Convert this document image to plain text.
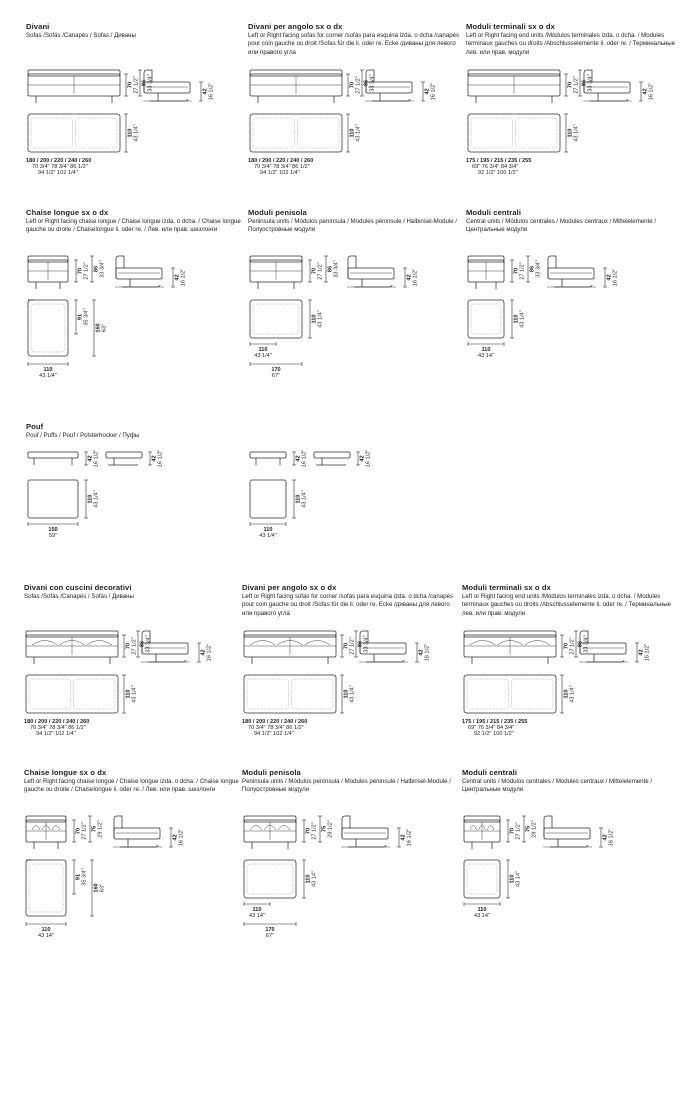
Divani
Sofas /Sofás /Canapés / Sofas / Диваны
70 27 1/2" 86 33 3/4"	42 16 1/2"
110 43 1/4"
180 / 200 / 220 / 240 / 260
70 3/4" 78 3/4" 86 1/2"
94 1/2" 102 1/4"
Divani per angolo sx o dx
Left or Right facing sofas for corner /sofás para esquina izda. o dcha /canapés pour coin gauche ou droit /Sofas für die li. oder re. Ecke /диваны для левого или правого угла
70 27 1/2" 86 33 3/4"	42 16 1/2"
110 43 1/4"
180 / 200 / 220 / 240 / 260
70 3/4" 78 3/4" 86 1/2"
94 1/2" 102 1/4"
Moduli terminali sx o dx
Left or Right facing end units /Módulos terminales izda. o dcha. / Modules terminaux gauches ou droits /Abschlusselemente li. oder re. / Терминальные лев. или прав. модули
70 27 1/2" 86 33 3/4"	42 16 1/2"
110 43 1/4"
175 / 195 / 215 / 235 / 255
69" 76 3/4" 84 3/4"
92 1/2" 100 1/2"
Chaise longue sx o dx
Left or Right facing chaise longue / Chaise longue izda. o dcha. / Chaise longue gauche ou droite / Chaiselongue li. oder re. / Лев. или прав. шезлонги
70 27 1/2" 86 33 3/4"	42 16 1/2"
91 35 3/4"
160 63"
110
43 1/4"
Moduli penisola
Peninsula units / Módulos península / Modules péninsule / Halbinsel-Module / Полуостровные модули
70 27 1/2" 86 33 3/4"	42 16 1/2"
110 43 1/4"
110
43 1/4"
170
67"
Moduli centrali
Central units / Módulos centrales / Modules centraux / Mittelelemente / Центральные модули
70 27 1/2" 86 33 3/4"	42 16 1/2"
110 43 1/4"
110
43 14"
Pouf
Pouf / Puffs / Pouf / Polsterhocker / Пуфы
42 16 1/2"	42 16 1/2"
110 43 1/4"
150
59"
42 16 1/2"	42 16 1/2"
110 43 1/4"
110
43 1/4"
Divani con cuscini decorativi
Sofas /Sofás /Canapés / Sofas / Диваны
70 27 1/2" 86 33 3/4"	42 16 1/2"
110 43 1/4"
180 / 200 / 220 / 240 / 260
70 3/4" 78 3/4" 86 1/2"
94 1/2" 102 1/4"
Divani per angolo sx o dx
Left or Right facing sofas for corner /sofás para esquina izda. o dcha /canapés pour coin gauche ou droit /Sofas für die li. oder re. Ecke /диваны для левого или правого угла
70 27 1/2" 86 33 3/4"	42 16 1/2"
110 43 1/4"
180 / 200 / 220 / 240 / 260
70 3/4" 78 3/4" 86 1/2"
94 1/2" 102 1/4"
Moduli terminali sx o dx
Left or Right facing end units /Módulos terminales izda. o dcha. / Modules terminaux gauches ou droits /Abschlusselemente li. oder re. / Терминальные лев. или прав. модули
70 27 1/2" 86 33 3/4"	42 16 1/2"
110 43 1/4"
175 / 195 / 215 / 235 / 255
69" 76 3/4" 84 3/4"
92 1/2" 100 1/2"
Chaise longue sx o dx
Left or Right facing chaise longue / Chaise longue izda. o dcha. / Chaise longue gauche ou droite / Chaiselongue li. oder re. / Лев. или прав. шезлонги
70 27 1/2" 75 29 1/2"	42 16 1/2"
91 35 3/4"
160 63"
110
43 14"
Moduli penisola
Peninsula units / Módulos península / Modules péninsule / Halbinsel-Module / Полуостровные модули
70 27 1/2" 75 29 1/2"	42 16 1/2"
110 43 14"
110
43 14"
170
67"
Moduli centrali
Central units / Módulos centrales / Modules centraux / Mittelelemente / Центральные модули
70 27 1/2" 75 29 1/2"	42 16 1/2"
110 43 14"
110
43 14"
